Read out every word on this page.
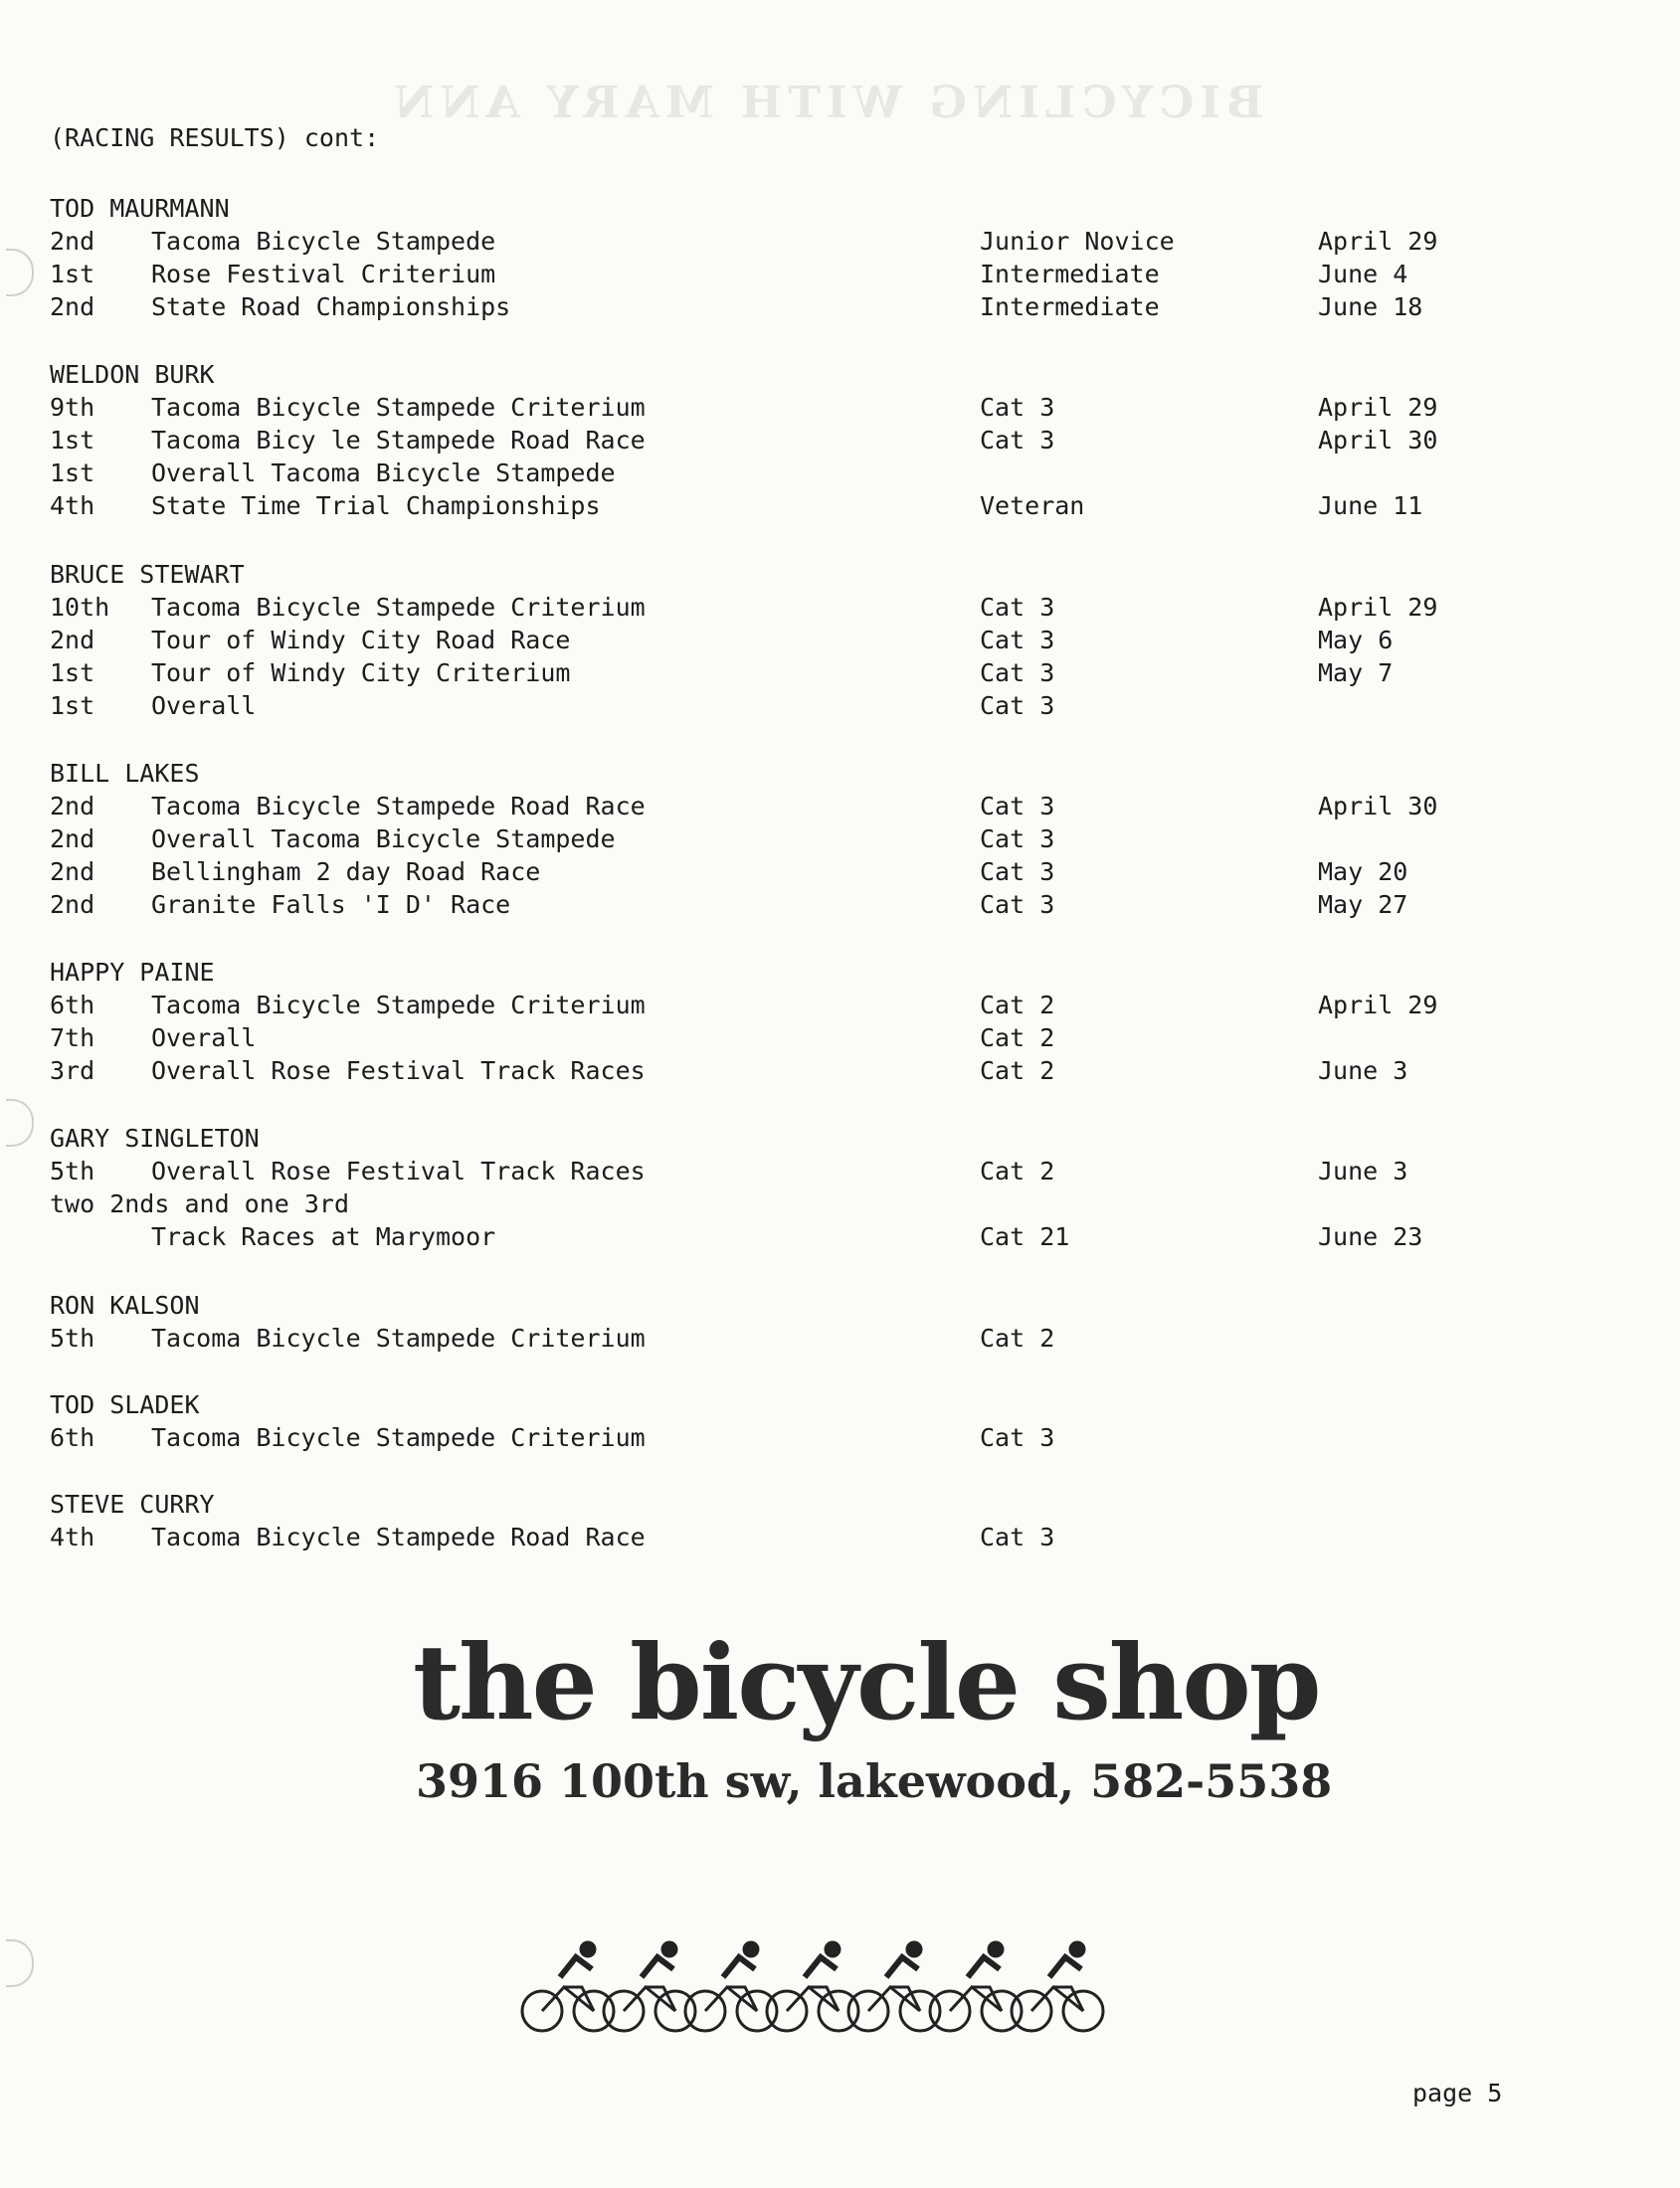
BICYCLING WITH MARY ANN
(RACING RESULTS) cont:
TOD MAURMANN
2nd Tacoma Bicycle Stampede	Junior Novice	April 29
1st Rose Festival Criterium	Intermediate	June 4
2nd State Road Championships	Intermediate	June 18
WELDON BURK
9th Tacoma Bicycle Stampede Criterium	Cat 3	April 29
1st Tacoma Bicy le Stampede Road Race	Cat 3	April 30
1st Overall Tacoma Bicycle Stampede
4th State Time Trial Championships	Veteran	June 11
BRUCE STEWART
10th Tacoma Bicycle Stampede Criterium	Cat 3	April 29
2nd Tour of Windy City Road Race	Cat 3	May 6
1st Tour of Windy City Criterium	Cat 3	May 7
1st Overall	Cat 3
BILL LAKES
2nd Tacoma Bicycle Stampede Road Race	Cat 3	April 30
2nd Overall Tacoma Bicycle Stampede	Cat 3
2nd Bellingham 2 day Road Race	Cat 3	May 20
2nd Granite Falls 'I D' Race	Cat 3	May 27
HAPPY PAINE
6th Tacoma Bicycle Stampede Criterium	Cat 2	April 29
7th Overall	Cat 2
3rd Overall Rose Festival Track Races	Cat 2	June 3
GARY SINGLETON
5th Overall Rose Festival Track Races	Cat 2	June 3
two 2nds and one 3rd
Track Races at Marymoor	Cat 21	June 23
RON KALSON
5th Tacoma Bicycle Stampede Criterium	Cat 2
TOD SLADEK
6th Tacoma Bicycle Stampede Criterium	Cat 3
STEVE CURRY
4th Tacoma Bicycle Stampede Road Race	Cat 3
the bicycle shop
3916 100th sw, lakewood, 582-5538
page 5
